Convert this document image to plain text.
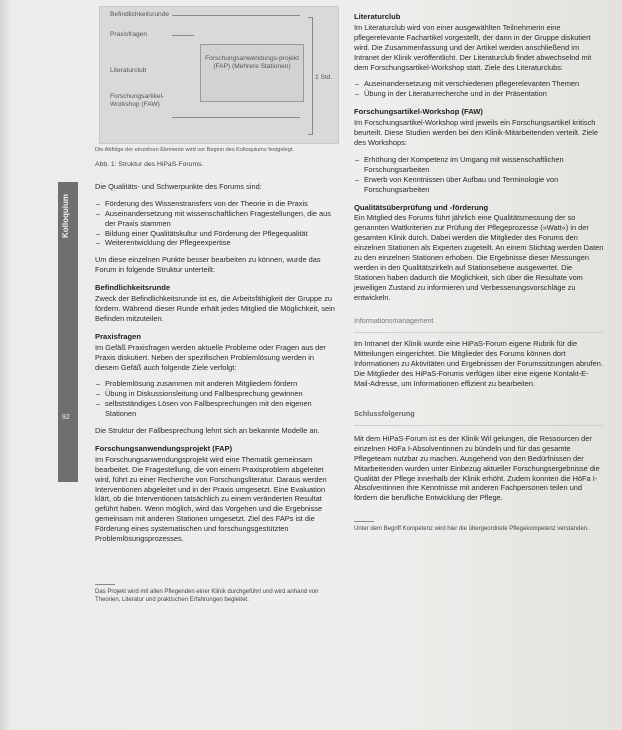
Kolloquium
92
Befindlichkeitsrunde
Praxisfragen
Literaturclub
Forschungsartikel-Workshop (FAW)
Forschungsanwendungs-projekt (FAP) (Mehrere Stationen)
1 Std.
Die Abfolge der einzelnen Elemente wird vor Beginn des Kolloquiums festgelegt.
Abb. 1: Struktur des HiPaS-Forums.

Die Qualitäts- und Schwerpunkte des Forums sind:

– Förderung des Wissenstransfers von der Theorie in die Praxis
– Auseinandersetzung mit wissenschaftlichen Fragestellungen, die aus der Praxis stammen
– Bildung einer Qualitätskultur und Förderung der Pflegequalität
– Weiterentwicklung der Pflegeexpertise

Um diese einzelnen Punkte besser bearbeiten zu können, wurde das Forum in folgende Struktur unterteilt:

Befindlichkeitsrunde

Zweck der Befindlichkeitsrunde ist es, die Arbeitsfähigkeit der Gruppe zu fördern. Während dieser Runde erhält jedes Mitglied die Möglichkeit, sein Befinden mitzuteilen.

Praxisfragen

Im Gefäß Praxisfragen werden aktuelle Probleme oder Fragen aus der Praxis diskutiert. Neben der spezifischen Problemlösung werden in diesem Gefäß auch folgende Ziele verfolgt:

– Problemlösung zusammen mit anderen Mitgliedern fördern
– Übung in Diskussionsleitung und Fallbesprechung gewinnen
– selbstständiges Lösen von Fallbesprechungen mit den eigenen Stationen

Die Struktur der Fallbesprechung lehnt sich an bekannte Modelle an.

Forschungsanwendungsprojekt (FAP)

Im Forschungsanwendungsprojekt wird eine Thematik gemeinsam bearbeitet. Die Fragestellung, die von einem Praxisproblem abgeleitet wird, führt zu einer Recherche von Forschungsliteratur. Daraus werden Interventionen abgeleitet und in der Praxis umgesetzt. Eine Evaluation klärt, ob die Interventionen tatsächlich zu einem veränderten Resultat geführt haben. Wenn möglich, wird das Vorgehen und die Ergebnisse gemeinsam mit anderen Stationen umgesetzt. Ziel des FAPs ist die Förderung eines systematischen und forschungsgestützten Problemlösungsprozesses.

Das Projekt wird mit allen Pflegenden einer Klinik durchgeführt und wird anhand von Theorien, Literatur und praktischen Erfahrungen begleitet.
Literaturclub

Im Literaturclub wird von einer ausgewählten Teilnehmerin eine pflegerelevante Fachartikel vorgestellt, der dann in der Gruppe diskutiert wird. Die Zusammenfassung und der Artikel werden anschließend im Intranet der Klinik veröffentlicht. Der Literaturclub findet abwechselnd mit dem Forschungsartikel-Workshop statt. Ziele des Literaturclubs:

– Auseinandersetzung mit verschiedenen pflegerelevanten Themen
– Übung in der Literaturrecherche und in der Präsentation
Forschungsartikel-Workshop (FAW)

Im Forschungsartikel-Workshop wird jeweils ein Forschungsartikel kritisch beurteilt. Diese Studien werden bei den Klinik-Mitarbeitenden verteilt. Ziele des Workshops:

– Erhöhung der Kompetenz im Umgang mit wissenschaftlichen Forschungsarbeiten
– Erwerb von Kenntnissen über Aufbau und Terminologie von Forschungsarbeiten
Qualitätsüberprüfung und -förderung

Ein Mitglied des Forums führt jährlich eine Qualitätsmessung der so genannten Wattkriterien zur Prüfung der Pflegeprozesse (»Watt«) in der gesamten Klinik durch. Dabei werden die Mitglieder des Forums den einzelnen Stationen als Experten zugeteilt. An einem Stichtag werden Daten zu den einzelnen Stationen erhoben. Die Ergebnisse dieser Messungen werden in den Qualitätszirkeln auf Stationsebene ausgewertet. Die Stationen haben dadurch die Möglichkeit, sich über die Resultate vom jeweiligen Zustand zu informieren und Verbesserungsvorschläge zu entwickeln.

Informationsmanagement

Im Intranet der Klinik wurde eine HiPaS-Forum eigene Rubrik für die Mitteilungen eingerichtet. Die Mitglieder des Forums können dort Informationen zu Aktivitäten und Ergebnissen der Forumssitzungen abrufen. Die Mitglieder des HiPaS-Forums verfügen über eine eigene Kontakt-E-Mail-Adresse, um Informationen effizient zu bearbeiten.

Schlussfolgerung

Mit dem HiPaS-Forum ist es der Klinik Wil gelungen, die Ressourcen der einzelnen HöFa I-Absolventinnen zu bündeln und für das gesamte Pflegeteam nutzbar zu machen. Ausgehend von den Bedürfnissen der Mitarbeitenden wurden unter Einbezug aktueller Forschungsergebnisse die Qualität der Pflege innerhalb der Klinik erhöht. Zudem konnten die HöFa I-Absolventinnen ihre Kenntnisse mit anderen Fachpersonen teilen und fördern die berufliche Entwicklung der Pflege.

Unter dem Begriff Kompetenz wird hier die übergeordnete Pflegekompetenz verstanden.
